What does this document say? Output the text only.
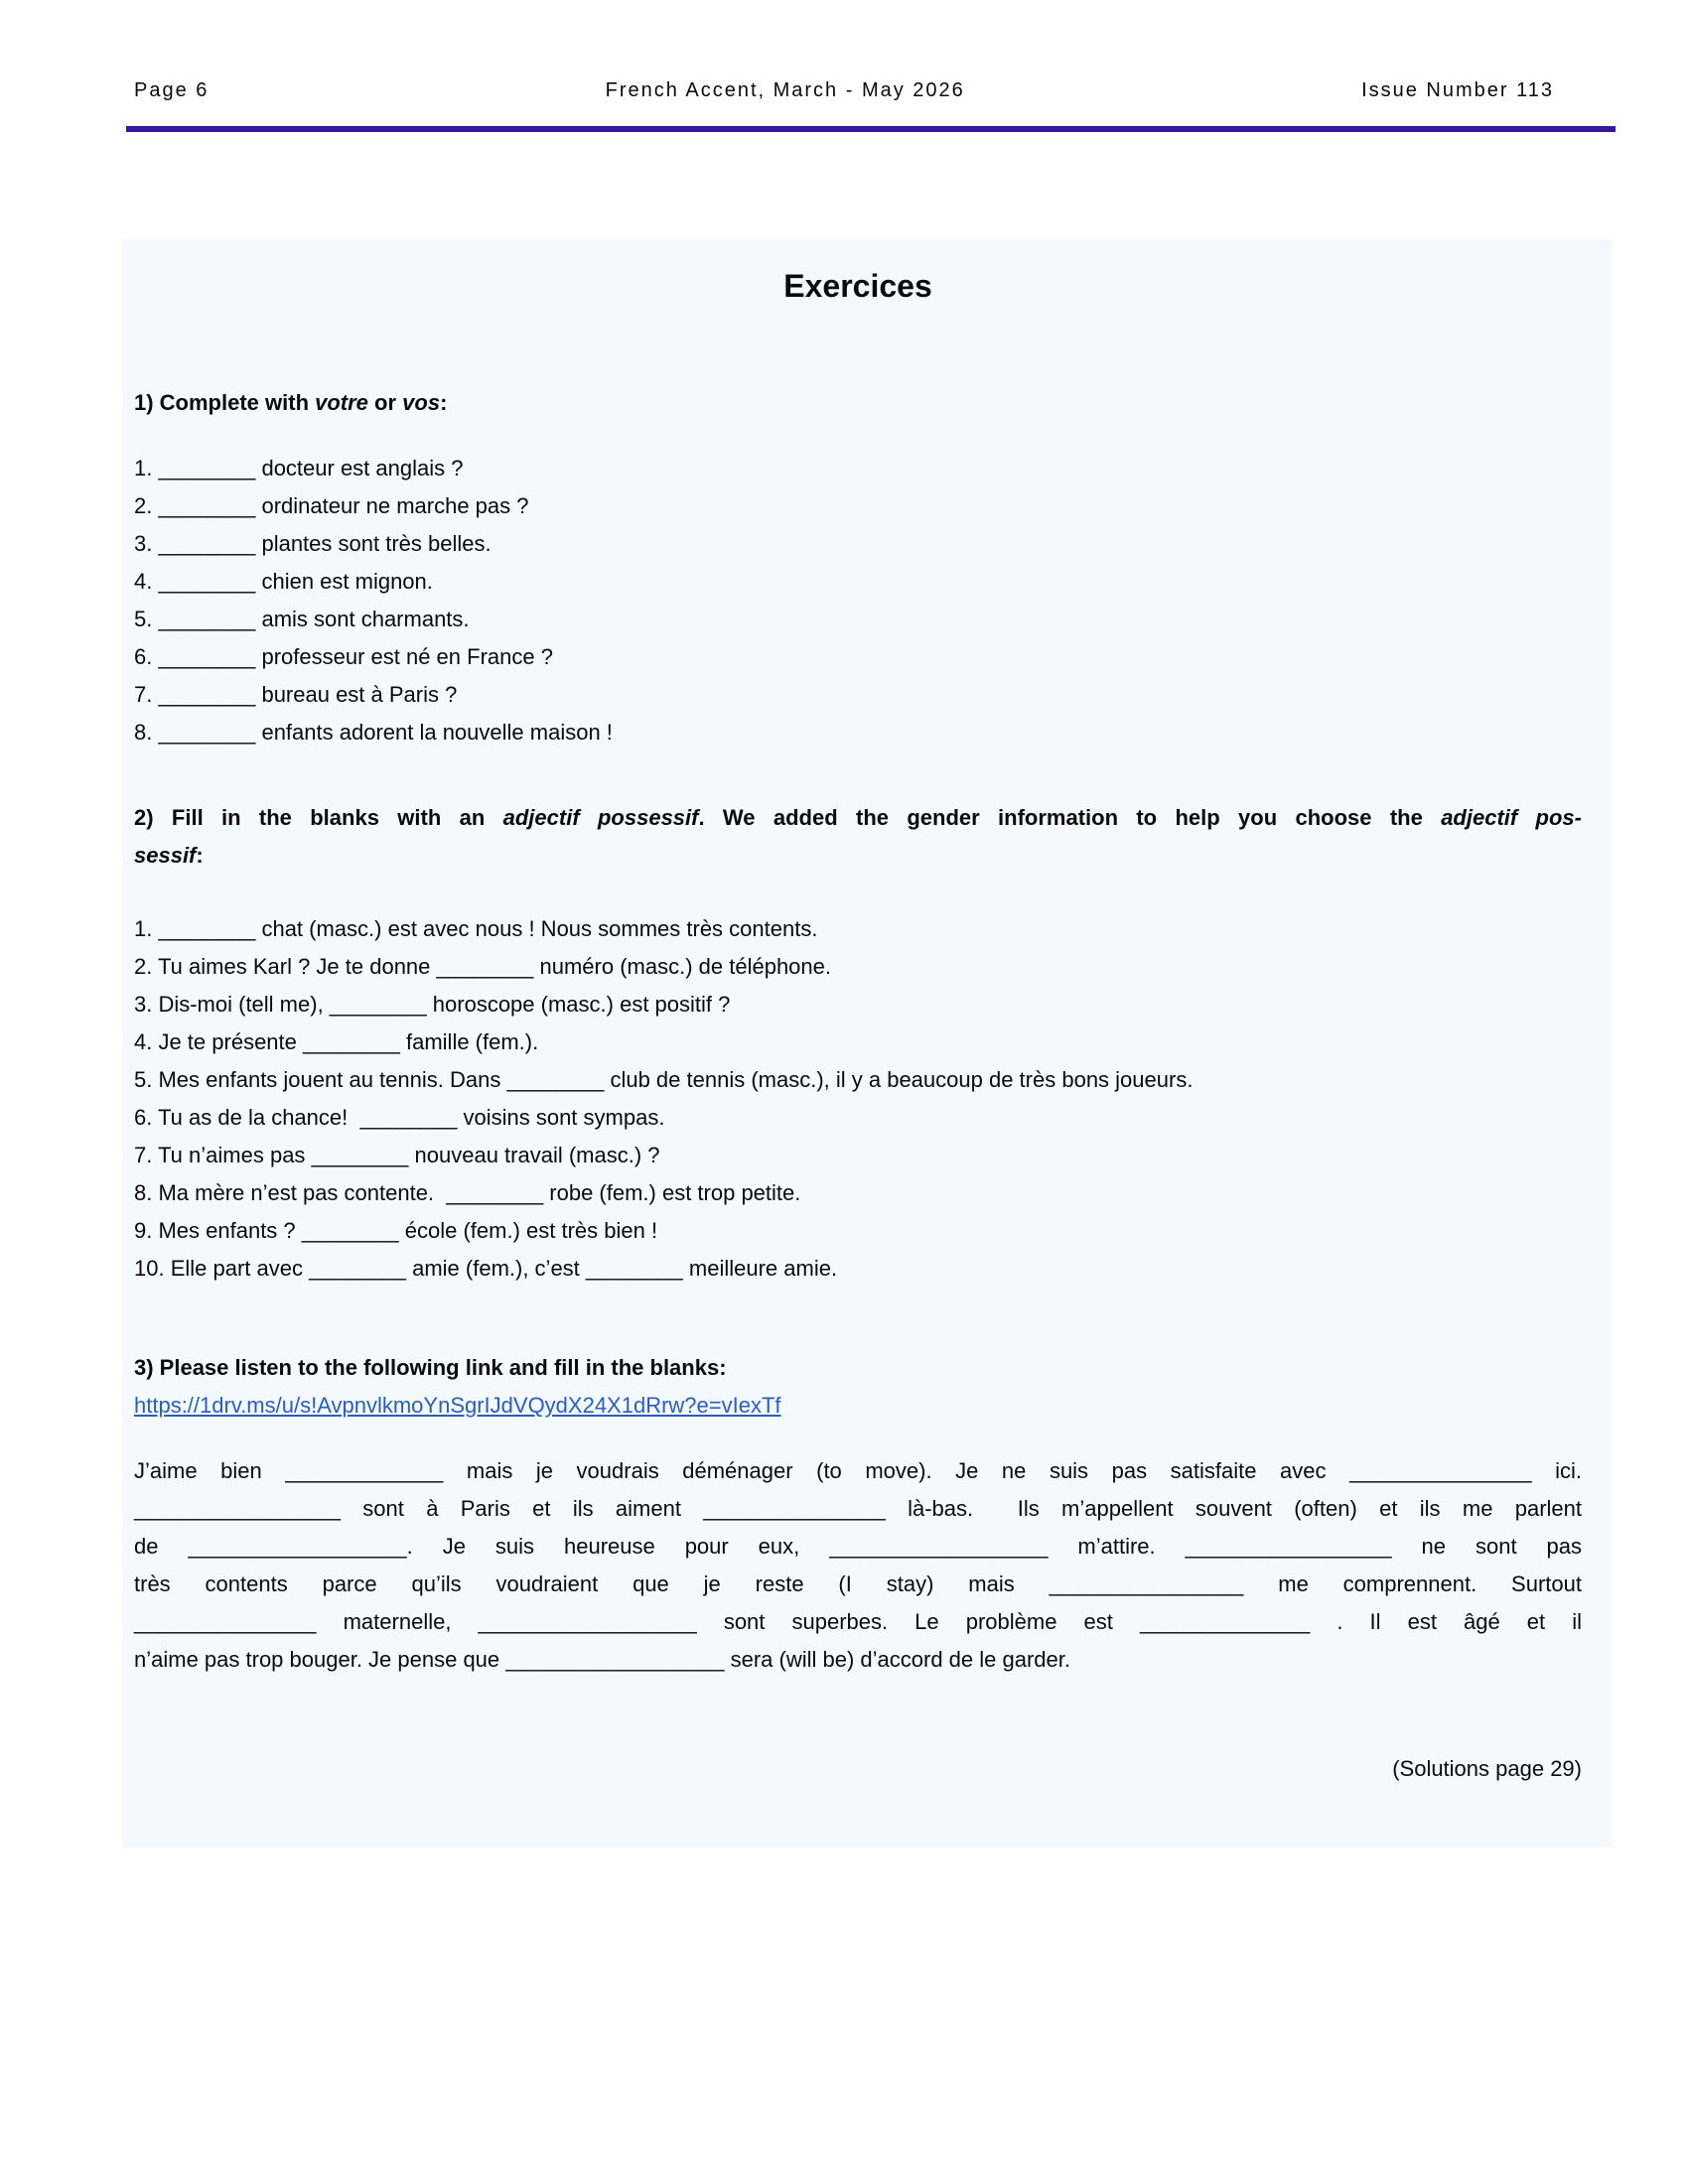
Page 6	French Accent, March - May 2026	Issue Number 113
Exercices

1) Complete with votre or vos:

1. ________ docteur est anglais ?
2. ________ ordinateur ne marche pas ?
3. ________ plantes sont très belles.
4. ________ chien est mignon.
5. ________ amis sont charmants.
6. ________ professeur est né en France ?
7. ________ bureau est à Paris ?
8. ________ enfants adorent la nouvelle maison !
2) Fill in the blanks with an adjectif possessif. We added the gender information to help you choose the adjectif pos-
sessif:
1. ________ chat (masc.) est avec nous ! Nous sommes très contents.
2. Tu aimes Karl ? Je te donne ________ numéro (masc.) de téléphone.
3. Dis-moi (tell me), ________ horoscope (masc.) est positif ?
4. Je te présente ________ famille (fem.).
5. Mes enfants jouent au tennis. Dans ________ club de tennis (masc.), il y a beaucoup de très bons joueurs.
6. Tu as de la chance!  ________ voisins sont sympas.
7. Tu n’aimes pas ________ nouveau travail (masc.) ?
8. Ma mère n’est pas contente.  ________ robe (fem.) est trop petite.
9. Mes enfants ? ________ école (fem.) est très bien !
10. Elle part avec ________ amie (fem.), c’est ________ meilleure amie.

3) Please listen to the following link and fill in the blanks:

https://1drv.ms/u/s!AvpnvlkmoYnSgrIJdVQydX24X1dRrw?e=vIexTf
J’aime bien _____________ mais je voudrais déménager (to move). Je ne suis pas satisfaite avec _______________ ici.
_________________ sont à Paris et ils aiment _______________ là-bas.  Ils m’appellent souvent (often) et ils me parlent
de __________________. Je suis heureuse pour eux, __________________ m’attire. _________________ ne sont pas
très contents parce qu’ils voudraient que je reste (I stay) mais ________________ me comprennent. Surtout
_______________ maternelle, __________________ sont superbes. Le problème est ______________ . Il est âgé et il
n’aime pas trop bouger. Je pense que __________________ sera (will be) d’accord de le garder.

(Solutions page 29)
